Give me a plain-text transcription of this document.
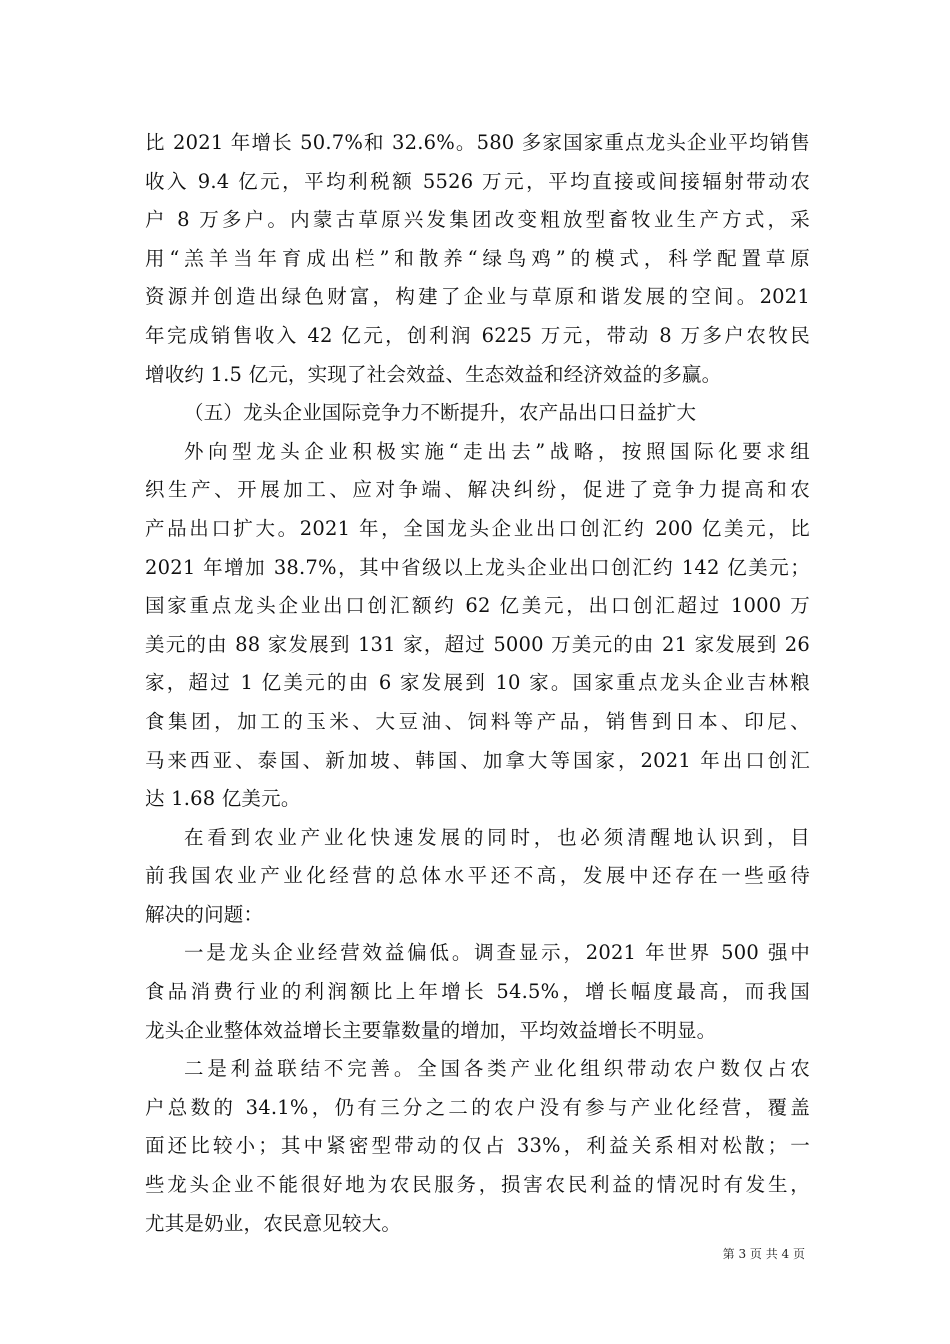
比 2021 年增长 50.7%和 32.6%。580 多家国家重点龙头企业平均销售
收入 9.4 亿元，平均利税额 5526 万元，平均直接或间接辐射带动农
户 8 万多户。内蒙古草原兴发集团改变粗放型畜牧业生产方式，采
用“羔羊当年育成出栏”和散养“绿鸟鸡”的模式，科学配置草原
资源并创造出绿色财富，构建了企业与草原和谐发展的空间。2021
年完成销售收入 42 亿元，创利润 6225 万元，带动 8 万多户农牧民
增收约 1.5 亿元，实现了社会效益、生态效益和经济效益的多赢。
（五）龙头企业国际竞争力不断提升，农产品出口日益扩大
外向型龙头企业积极实施“走出去”战略，按照国际化要求组
织生产、开展加工、应对争端、解决纠纷，促进了竞争力提高和农
产品出口扩大。2021 年，全国龙头企业出口创汇约 200 亿美元，比
2021 年增加 38.7%，其中省级以上龙头企业出口创汇约 142 亿美元；
国家重点龙头企业出口创汇额约 62 亿美元，出口创汇超过 1000 万
美元的由 88 家发展到 131 家，超过 5000 万美元的由 21 家发展到 26
家，超过 1 亿美元的由 6 家发展到 10 家。国家重点龙头企业吉林粮
食集团，加工的玉米、大豆油、饲料等产品，销售到日本、印尼、
马来西亚、泰国、新加坡、韩国、加拿大等国家，2021 年出口创汇
达 1.68 亿美元。
在看到农业产业化快速发展的同时，也必须清醒地认识到，目
前我国农业产业化经营的总体水平还不高，发展中还存在一些亟待
解决的问题：
一是龙头企业经营效益偏低。调查显示，2021 年世界 500 强中
食品消费行业的利润额比上年增长 54.5%，增长幅度最高，而我国
龙头企业整体效益增长主要靠数量的增加，平均效益增长不明显。
二是利益联结不完善。全国各类产业化组织带动农户数仅占农
户总数的 34.1%，仍有三分之二的农户没有参与产业化经营，覆盖
面还比较小；其中紧密型带动的仅占 33%，利益关系相对松散；一
些龙头企业不能很好地为农民服务，损害农民利益的情况时有发生，
尤其是奶业，农民意见较大。
第 3 页 共 4 页
